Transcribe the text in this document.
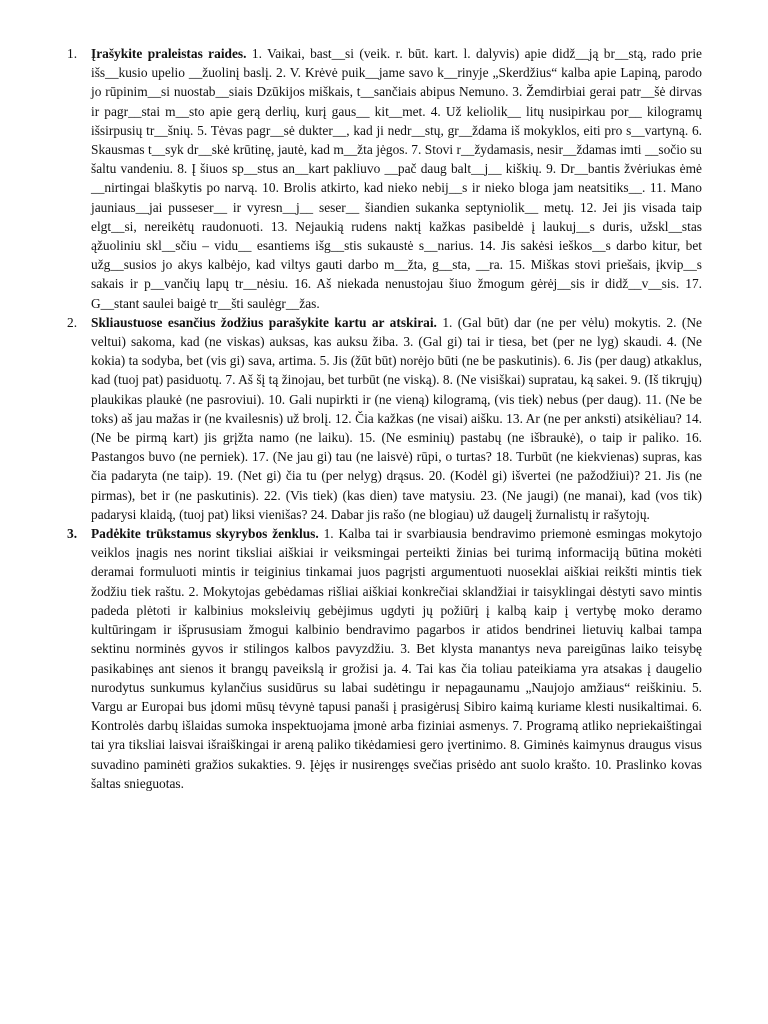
1.	Įrašykite praleistas raides. 1. Vaikai, bast__si (veik. r. būt. kart. l. dalyvis) apie didž__ją br__stą, rado prie išs__kusio upelio __žuolinį baslį. 2. V. Krėvė puik__jame savo k__rinyje „Skerdžius“ kalba apie Lapiną, parodo jo rūpinim__si nuostab__siais Dzūkijos miškais, t__sančiais abipus Nemuno. 3. Žemdirbiai gerai patr__šė dirvas ir pagr__stai m__sto apie gerą derlių, kurį gaus__ kit__met. 4. Už keliolik__ litų nusipirkau por__ kilogramų išsirpusių tr__šnių. 5. Tėvas pagr__sė dukter__, kad ji nedr__stų, gr__ždama iš mokyklos, eiti pro s__vartyną. 6. Skausmas t__syk dr__skė krūtinę, jautė, kad m__žta jėgos. 7. Stovi r__žydamasis, nesir__ždamas imti __sočio su šaltu vandeniu. 8. Į šiuos sp__stus an__kart pakliuvo __pač daug balt__j__ kiškių. 9. Dr__bantis žvėriukas ėmė __nirtingai blaškytis po narvą. 10. Brolis atkirto, kad nieko nebij__s ir nieko bloga jam neatsitiks__. 11. Mano jauniaus__jai pusseser__ ir vyresn__j__ seser__ šiandien sukanka septyniolik__ metų. 12. Jei jis visada taip elgt__si, nereikėtų raudonuoti. 13. Nejaukią rudens naktį kažkas pasibeldė į laukuj__s duris, užskl__stas ąžuoliniu skl__sčiu – vidu__ esantiems išg__stis sukaustė s__narius. 14. Jis sakėsi ieškos__s darbo kitur, bet užg__susios jo akys kalbėjo, kad viltys gauti darbo m__žta, g__sta, __ra. 15. Miškas stovi priešais, įkvip__s sakais ir p__vančių lapų tr__nėsiu. 16. Aš niekada nenustojau šiuo žmogum gėrėj__sis ir didž__v__sis. 17. G__stant saulei baigė tr__šti saulėgr__žas.
2.	Skliaustuose esančius žodžius parašykite kartu ar atskirai. 1. (Gal būt) dar (ne per vėlu) mokytis. 2. (Ne veltui) sakoma, kad (ne viskas) auksas, kas auksu žiba. 3. (Gal gi) tai ir tiesa, bet (per ne lyg) skaudi. 4. (Ne kokia) ta sodyba, bet (vis gi) sava, artima. 5. Jis (žūt būt) norėjo būti (ne be paskutinis). 6. Jis (per daug) atkaklus, kad (tuoj pat) pasiduotų. 7. Aš šį tą žinojau, bet turbūt (ne viską). 8. (Ne visiškai) supratau, ką sakei. 9. (Iš tikrųjų) plaukikas plaukė (ne pasroviui). 10. Gali nupirkti ir (ne vieną) kilogramą, (vis tiek) nebus (per daug). 11. (Ne be toks) aš jau mažas ir (ne kvailesnis) už brolį. 12. Čia kažkas (ne visai) aišku. 13. Ar (ne per anksti) atsikėliau? 14. (Ne be pirmą kart) jis grįžta namo (ne laiku). 15. (Ne esminių) pastabų (ne išbraukė), o taip ir paliko. 16. Pastangos buvo (ne perniek). 17. (Ne jau gi) tau (ne laisvė) rūpi, o turtas? 18. Turbūt (ne kiekvienas) supras, kas čia padaryta (ne taip). 19. (Net gi) čia tu (per nelyg) drąsus. 20. (Kodėl gi) išvertei (ne pažodžiui)? 21. Jis (ne pirmas), bet ir (ne paskutinis). 22. (Vis tiek) (kas dien) tave matysiu. 23. (Ne jaugi) (ne manai), kad (vos tik) padarysi klaidą, (tuoj pat) liksi vienišas? 24. Dabar jis rašo (ne blogiau) už daugelį žurnalistų ir rašytojų.
3.	Padėkite trūkstamus skyrybos ženklus. 1. Kalba tai ir svarbiausia bendravimo priemonė esmingas mokytojo veiklos įnagis nes norint tiksliai aiškiai ir veiksmingai perteikti žinias bei turimą informaciją būtina mokėti deramai formuluoti mintis ir teiginius tinkamai juos pagrįsti argumentuoti nuoseklai aiškiai reikšti mintis tiek žodžiu tiek raštu. 2. Mokytojas gebėdamas rišliai aiškiai konkrečiai sklandžiai ir taisyklingai dėstyti savo mintis padeda plėtoti ir kalbinius moksleivių gebėjimus ugdyti jų požiūrį į kalbą kaip į vertybę moko deramo kultūringam ir išprususiam žmogui kalbinio bendravimo pagarbos ir atidos bendrinei lietuvių kalbai tampa sektinu norminės gyvos ir stilingos kalbos pavyzdžiu. 3. Bet klysta manantys neva pareigūnas laiko teisybę pasikabinęs ant sienos it brangų paveikslą ir grožisi ja. 4. Tai kas čia toliau pateikiama yra atsakas į daugelio nurodytus sunkumus kylančius susidūrus su labai sudėtingu ir nepagaunamu „Naujojo amžiaus“ reiškiniu. 5. Vargu ar Europai bus įdomi mūsų tėvynė tapusi panaši į prasigėrusį Sibiro kaimą kuriame klesti nusikaltimai. 6. Kontrolės darbų išlaidas sumoka inspektuojama įmonė arba fiziniai asmenys. 7. Programą atliko nepriekaištingai tai yra tiksliai laisvai išraiškingai ir areną paliko tikėdamiesi gero įvertinimo. 8. Giminės kaimynus draugus visus suvadino paminėti gražios sukakties. 9. Įėjęs ir nusirengęs svečias prisėdo ant suolo krašto. 10. Praslinko kovas šaltas snieguotas.
